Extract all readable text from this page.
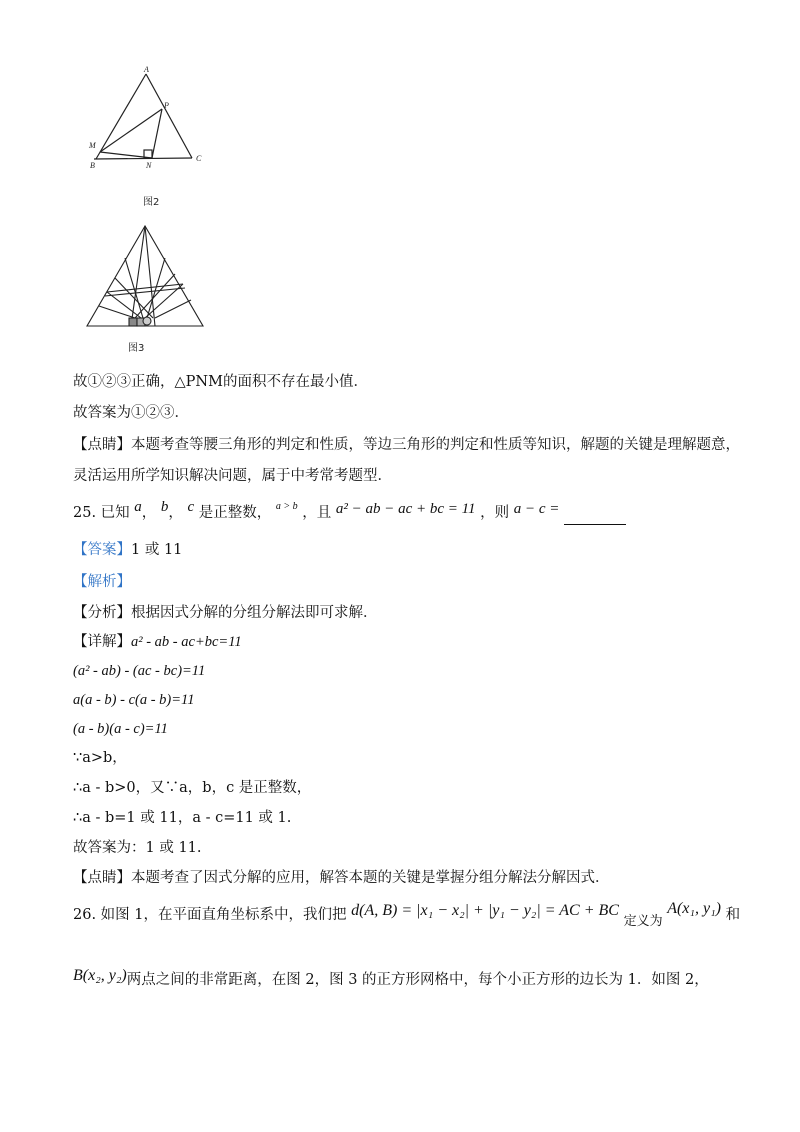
A
P
M
B	N
C
图2
图3
故①②③正确，△PNM的面积不存在最小值．
故答案为①②③．
【点睛】本题考查等腰三角形的判定和性质，等边三角形的判定和性质等知识，解题的关键是理解题意，
灵活运用所学知识解决问题，属于中考常考题型．
25. 已知 a， b， c 是正整数， $^{a > b}$ ，且 a² − ab − ac + bc = 11 ，则 a − c =
【答案】1 或 11
【解析】
【分析】根据因式分解的分组分解法即可求解．
【详解】a² - ab - ac+bc=11
(a² - ab) - (ac - bc)=11
a(a - b) - c(a - b)=11
(a - b)(a - c)=11
∵a>b，
∴a - b>0，又∵a，b，c 是正整数，
∴a - b=1 或 11，a - c=11 或 1.
故答案为：1 或 11.
【点睛】本题考查了因式分解的应用，解答本题的关键是掌握分组分解法分解因式．
26. 如图 1，在平面直角坐标系中，我们把 d(A, B) = |x₁ − x₂| + |y₁ − y₂| = AC + BC 定义为 A(x₁, y₁) 和
B(x₂, y₂)两点之间的非常距离，在图 2，图 3 的正方形网格中，每个小正方形的边长为 1．如图 2，
